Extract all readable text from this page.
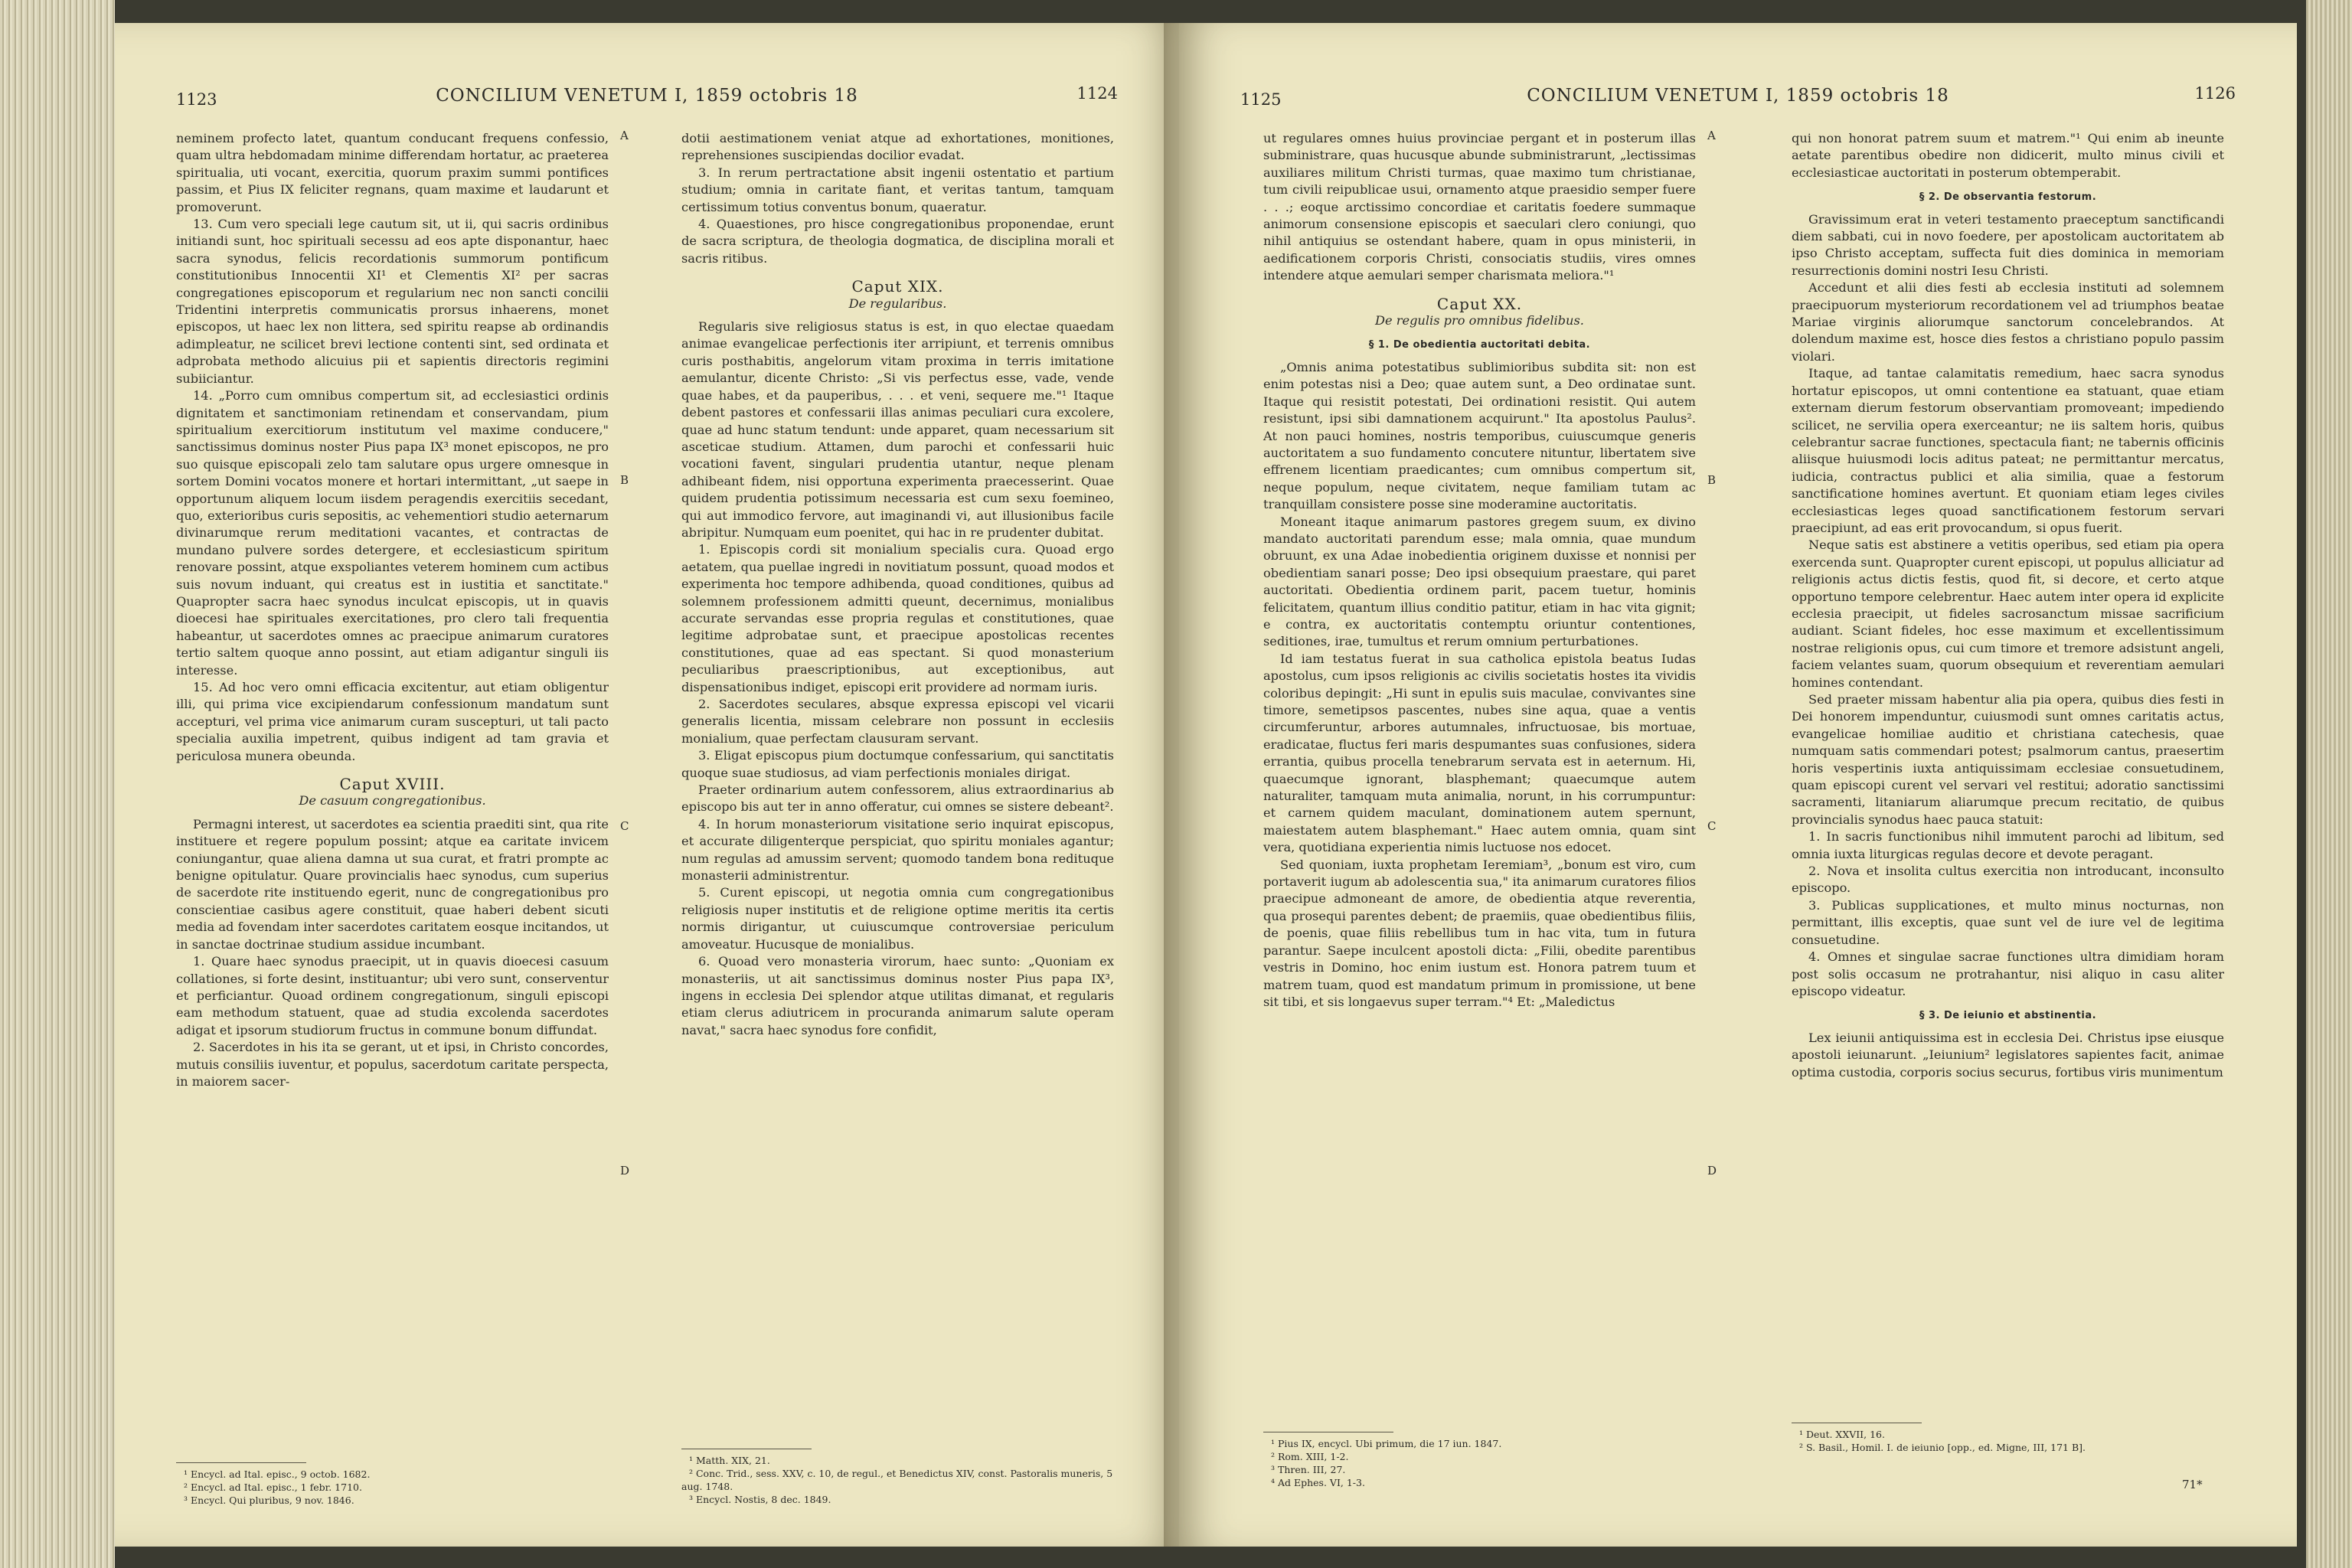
1123	CONCILIUM VENETUM I, 1859 octobris 18	1124

neminem profecto latet, quantum conducant frequens confessio, quam ultra hebdomadam minime differendam hortatur, ac praeterea spiritualia, uti vocant, exercitia, quorum praxim summi pontifices passim, et Pius IX feliciter regnans, quam maxime et laudarunt et promoverunt.

13. Cum vero speciali lege cautum sit, ut ii, qui sacris ordinibus initiandi sunt, hoc spirituali secessu ad eos apte disponantur, haec sacra synodus, felicis recordationis summorum pontificum constitutionibus Innocentii XI¹ et Clementis XI² per sacras congregationes episcoporum et regularium nec non sancti concilii Tridentini interpretis communicatis prorsus inhaerens, monet episcopos, ut haec lex non littera, sed spiritu reapse ab ordinandis adimpleatur, ne scilicet brevi lectione contenti sint, sed ordinata et adprobata methodo alicuius pii et sapientis directoris regimini subiiciantur.

14. „Porro cum omnibus compertum sit, ad ecclesiastici ordinis dignitatem et sanctimoniam retinendam et conservandam, pium spiritualium exercitiorum institutum vel maxime conducere," sanctissimus dominus noster Pius papa IX³ monet episcopos, ne pro suo quisque episcopali zelo tam salutare opus urgere omnesque in sortem Domini vocatos monere et hortari intermittant, „ut saepe in opportunum aliquem locum iisdem peragendis exercitiis secedant, quo, exterioribus curis sepositis, ac vehementiori studio aeternarum divinarumque rerum meditationi vacantes, et contractas de mundano pulvere sordes detergere, et ecclesiasticum spiritum renovare possint, atque exspoliantes veterem hominem cum actibus suis novum induant, qui creatus est in iustitia et sanctitate." Quapropter sacra haec synodus inculcat episcopis, ut in quavis dioecesi hae spirituales exercitationes, pro clero tali frequentia habeantur, ut sacerdotes omnes ac praecipue animarum curatores tertio saltem quoque anno possint, aut etiam adigantur singuli iis interesse.

15. Ad hoc vero omni efficacia excitentur, aut etiam obligentur illi, qui prima vice excipiendarum confessionum mandatum sunt accepturi, vel prima vice animarum curam suscepturi, ut tali pacto specialia auxilia impetrent, quibus indigent ad tam gravia et periculosa munera obeunda.

Caput XVIII.

De casuum congregationibus.

Permagni interest, ut sacerdotes ea scientia praediti sint, qua rite instituere et regere populum possint; atque ea caritate invicem coniungantur, quae aliena damna ut sua curat, et fratri prompte ac benigne opitulatur. Quare provincialis haec synodus, cum superius de sacerdote rite instituendo egerit, nunc de congregationibus pro conscientiae casibus agere constituit, quae haberi debent sicuti media ad fovendam inter sacerdotes caritatem eosque incitandos, ut in sanctae doctrinae studium assidue incumbant.

1. Quare haec synodus praecipit, ut in quavis dioecesi casuum collationes, si forte desint, instituantur; ubi vero sunt, conserventur et perficiantur. Quoad ordinem congregationum, singuli episcopi eam methodum statuent, quae ad studia excolenda sacerdotes adigat et ipsorum studiorum fructus in commune bonum diffundat.

2. Sacerdotes in his ita se gerant, ut et ipsi, in Christo concordes, mutuis consiliis iuventur, et populus, sacerdotum caritate perspecta, in maiorem sacer-

dotii aestimationem veniat atque ad exhortationes, monitiones, reprehensiones suscipiendas docilior evadat.

3. In rerum pertractatione absit ingenii ostentatio et partium studium; omnia in caritate fiant, et veritas tantum, tamquam certissimum totius conventus bonum, quaeratur.

4. Quaestiones, pro hisce congregationibus proponendae, erunt de sacra scriptura, de theologia dogmatica, de disciplina morali et sacris ritibus.

Caput XIX.

De regularibus.

Regularis sive religiosus status is est, in quo electae quaedam animae evangelicae perfectionis iter arripiunt, et terrenis omnibus curis posthabitis, angelorum vitam proxima in terris imitatione aemulantur, dicente Christo: „Si vis perfectus esse, vade, vende quae habes, et da pauperibus, . . . et veni, sequere me."¹ Itaque debent pastores et confessarii illas animas peculiari cura excolere, quae ad hunc statum tendunt: unde apparet, quam necessarium sit asceticae studium. Attamen, dum parochi et confessarii huic vocationi favent, singulari prudentia utantur, neque plenam adhibeant fidem, nisi opportuna experimenta praecesserint. Quae quidem prudentia potissimum necessaria est cum sexu foemineo, qui aut immodico fervore, aut imaginandi vi, aut illusionibus facile abripitur. Numquam eum poenitet, qui hac in re prudenter dubitat.

1. Episcopis cordi sit monialium specialis cura. Quoad ergo aetatem, qua puellae ingredi in novitiatum possunt, quoad modos et experimenta hoc tempore adhibenda, quoad conditiones, quibus ad solemnem professionem admitti queunt, decernimus, monialibus accurate servandas esse propria regulas et constitutiones, quae legitime adprobatae sunt, et praecipue apostolicas recentes constitutiones, quae ad eas spectant. Si quod monasterium peculiaribus praescriptionibus, aut exceptionibus, aut dispensationibus indiget, episcopi erit providere ad normam iuris.

2. Sacerdotes seculares, absque expressa episcopi vel vicarii generalis licentia, missam celebrare non possunt in ecclesiis monialium, quae perfectam clausuram servant.

3. Eligat episcopus pium doctumque confessarium, qui sanctitatis quoque suae studiosus, ad viam perfectionis moniales dirigat.

Praeter ordinarium autem confessorem, alius extraordinarius ab episcopo bis aut ter in anno offeratur, cui omnes se sistere debeant².

4. In horum monasteriorum visitatione serio inquirat episcopus, et accurate diligenterque perspiciat, quo spiritu moniales agantur; num regulas ad amussim servent; quomodo tandem bona redituque monasterii administrentur.

5. Curent episcopi, ut negotia omnia cum congregationibus religiosis nuper institutis et de religione optime meritis ita certis normis dirigantur, ut cuiuscumque controversiae periculum amoveatur. Hucusque de monialibus.

6. Quoad vero monasteria virorum, haec sunto: „Quoniam ex monasteriis, ut ait sanctissimus dominus noster Pius papa IX³, ingens in ecclesia Dei splendor atque utilitas dimanat, et regularis etiam clerus adiutricem in procuranda animarum salute operam navat," sacra haec synodus fore confidit,

A
B
C
D
¹ Encycl. ad Ital. episc., 9 octob. 1682.
² Encycl. ad Ital. episc., 1 febr. 1710.
³ Encycl. Qui pluribus, 9 nov. 1846.
¹ Matth. XIX, 21.
² Conc. Trid., sess. XXV, c. 10, de regul., et Benedictus XIV, const. Pastoralis muneris, 5 aug. 1748.
³ Encycl. Nostis, 8 dec. 1849.
1125	CONCILIUM VENETUM I, 1859 octobris 18	1126

ut regulares omnes huius provinciae pergant et in posterum illas subministrare, quas hucusque abunde subministrarunt, „lectissimas auxiliares militum Christi turmas, quae maximo tum christianae, tum civili reipublicae usui, ornamento atque praesidio semper fuere . . .; eoque arctissimo concordiae et caritatis foedere summaque animorum consensione episcopis et saeculari clero coniungi, quo nihil antiquius se ostendant habere, quam in opus ministerii, in aedificationem corporis Christi, consociatis studiis, vires omnes intendere atque aemulari semper charismata meliora."¹

Caput XX.

De regulis pro omnibus fidelibus.

§ 1. De obedientia auctoritati debita.

„Omnis anima potestatibus sublimioribus subdita sit: non est enim potestas nisi a Deo; quae autem sunt, a Deo ordinatae sunt. Itaque qui resistit potestati, Dei ordinationi resistit. Qui autem resistunt, ipsi sibi damnationem acquirunt." Ita apostolus Paulus². At non pauci homines, nostris temporibus, cuiuscumque generis auctoritatem a suo fundamento concutere nituntur, libertatem sive effrenem licentiam praedicantes; cum omnibus compertum sit, neque populum, neque civitatem, neque familiam tutam ac tranquillam consistere posse sine moderamine auctoritatis.

Moneant itaque animarum pastores gregem suum, ex divino mandato auctoritati parendum esse; mala omnia, quae mundum obruunt, ex una Adae inobedientia originem duxisse et nonnisi per obedientiam sanari posse; Deo ipsi obsequium praestare, qui paret auctoritati. Obedientia ordinem parit, pacem tuetur, hominis felicitatem, quantum illius conditio patitur, etiam in hac vita gignit; e contra, ex auctoritatis contemptu oriuntur contentiones, seditiones, irae, tumultus et rerum omnium perturbationes.

Id iam testatus fuerat in sua catholica epistola beatus Iudas apostolus, cum ipsos religionis ac civilis societatis hostes ita vividis coloribus depingit: „Hi sunt in epulis suis maculae, convivantes sine timore, semetipsos pascentes, nubes sine aqua, quae a ventis circumferuntur, arbores autumnales, infructuosae, bis mortuae, eradicatae, fluctus feri maris despumantes suas confusiones, sidera errantia, quibus procella tenebrarum servata est in aeternum. Hi, quaecumque ignorant, blasphemant; quaecumque autem naturaliter, tamquam muta animalia, norunt, in his corrumpuntur: et carnem quidem maculant, dominationem autem spernunt, maiestatem autem blasphemant." Haec autem omnia, quam sint vera, quotidiana experientia nimis luctuose nos edocet.

Sed quoniam, iuxta prophetam Ieremiam³, „bonum est viro, cum portaverit iugum ab adolescentia sua," ita animarum curatores filios praecipue admoneant de amore, de obedientia atque reverentia, qua prosequi parentes debent; de praemiis, quae obedientibus filiis, de poenis, quae filiis rebellibus tum in hac vita, tum in futura parantur. Saepe inculcent apostoli dicta: „Filii, obedite parentibus vestris in Domino, hoc enim iustum est. Honora patrem tuum et matrem tuam, quod est mandatum primum in promissione, ut bene sit tibi, et sis longaevus super terram."⁴ Et: „Maledictus

qui non honorat patrem suum et matrem."¹ Qui enim ab ineunte aetate parentibus obedire non didicerit, multo minus civili et ecclesiasticae auctoritati in posterum obtemperabit.

§ 2. De observantia festorum.

Gravissimum erat in veteri testamento praeceptum sanctificandi diem sabbati, cui in novo foedere, per apostolicam auctoritatem ab ipso Christo acceptam, suffecta fuit dies dominica in memoriam resurrectionis domini nostri Iesu Christi.

Accedunt et alii dies festi ab ecclesia instituti ad solemnem praecipuorum mysteriorum recordationem vel ad triumphos beatae Mariae virginis aliorumque sanctorum concelebrandos. At dolendum maxime est, hosce dies festos a christiano populo passim violari.

Itaque, ad tantae calamitatis remedium, haec sacra synodus hortatur episcopos, ut omni contentione ea statuant, quae etiam externam dierum festorum observantiam promoveant; impediendo scilicet, ne servilia opera exerceantur; ne iis saltem horis, quibus celebrantur sacrae functiones, spectacula fiant; ne tabernis officinis aliisque huiusmodi locis aditus pateat; ne permittantur mercatus, iudicia, contractus publici et alia similia, quae a festorum sanctificatione homines avertunt. Et quoniam etiam leges civiles ecclesiasticas leges quoad sanctificationem festorum servari praecipiunt, ad eas erit provocandum, si opus fuerit.

Neque satis est abstinere a vetitis operibus, sed etiam pia opera exercenda sunt. Quapropter curent episcopi, ut populus alliciatur ad religionis actus dictis festis, quod fit, si decore, et certo atque opportuno tempore celebrentur. Haec autem inter opera id explicite ecclesia praecipit, ut fideles sacrosanctum missae sacrificium audiant. Sciant fideles, hoc esse maximum et excellentissimum nostrae religionis opus, cui cum timore et tremore adsistunt angeli, faciem velantes suam, quorum obsequium et reverentiam aemulari homines contendant.

Sed praeter missam habentur alia pia opera, quibus dies festi in Dei honorem impenduntur, cuiusmodi sunt omnes caritatis actus, evangelicae homiliae auditio et christiana catechesis, quae numquam satis commendari potest; psalmorum cantus, praesertim horis vespertinis iuxta antiquissimam ecclesiae consuetudinem, quam episcopi curent vel servari vel restitui; adoratio sanctissimi sacramenti, litaniarum aliarumque precum recitatio, de quibus provincialis synodus haec pauca statuit:

1. In sacris functionibus nihil immutent parochi ad libitum, sed omnia iuxta liturgicas regulas decore et devote peragant.

2. Nova et insolita cultus exercitia non introducant, inconsulto episcopo.

3. Publicas supplicationes, et multo minus nocturnas, non permittant, illis exceptis, quae sunt vel de iure vel de legitima consuetudine.

4. Omnes et singulae sacrae functiones ultra dimidiam horam post solis occasum ne protrahantur, nisi aliquo in casu aliter episcopo videatur.

§ 3. De ieiunio et abstinentia.

Lex ieiunii antiquissima est in ecclesia Dei. Christus ipse eiusque apostoli ieiunarunt. „Ieiunium² legislatores sapientes facit, animae optima custodia, corporis socius securus, fortibus viris munimentum

A
B
C
D
¹ Pius IX, encycl. Ubi primum, die 17 iun. 1847.
² Rom. XIII, 1-2.
³ Thren. III, 27.
⁴ Ad Ephes. VI, 1-3.
¹ Deut. XXVII, 16.
² S. Basil., Homil. I. de ieiunio [opp., ed. Migne, III, 171 B].
71*
